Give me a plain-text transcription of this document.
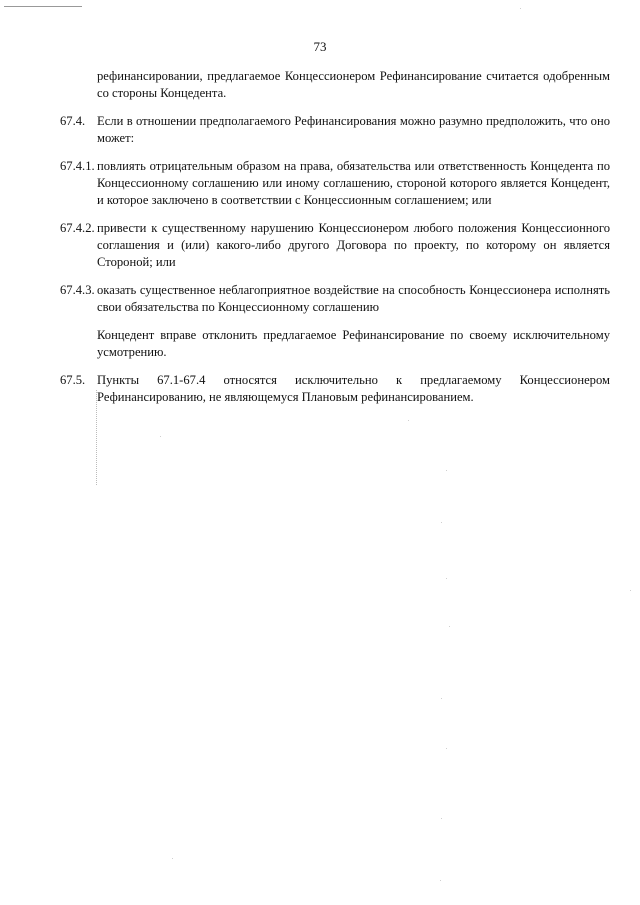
73
рефинансировании, предлагаемое Концессионером Рефинансирование считается одобренным со стороны Концедента.
67.4. Если в отношении предполагаемого Рефинансирования можно разумно предположить, что оно может:
67.4.1. повлиять отрицательным образом на права, обязательства или ответственность Концедента по Концессионному соглашению или иному соглашению, стороной которого является Концедент, и которое заключено в соответствии с Концессионным соглашением; или
67.4.2. привести к существенному нарушению Концессионером любого положения Концессионного соглашения и (или) какого-либо другого Договора по проекту, по которому он является Стороной; или
67.4.3. оказать существенное неблагоприятное воздействие на способность Концессионера исполнять свои обязательства по Концессионному соглашению
Концедент вправе отклонить предлагаемое Рефинансирование по своему исключительному усмотрению.
67.5. Пункты 67.1-67.4 относятся исключительно к предлагаемому Концессионером Рефинансированию, не являющемуся Плановым рефинансированием.
